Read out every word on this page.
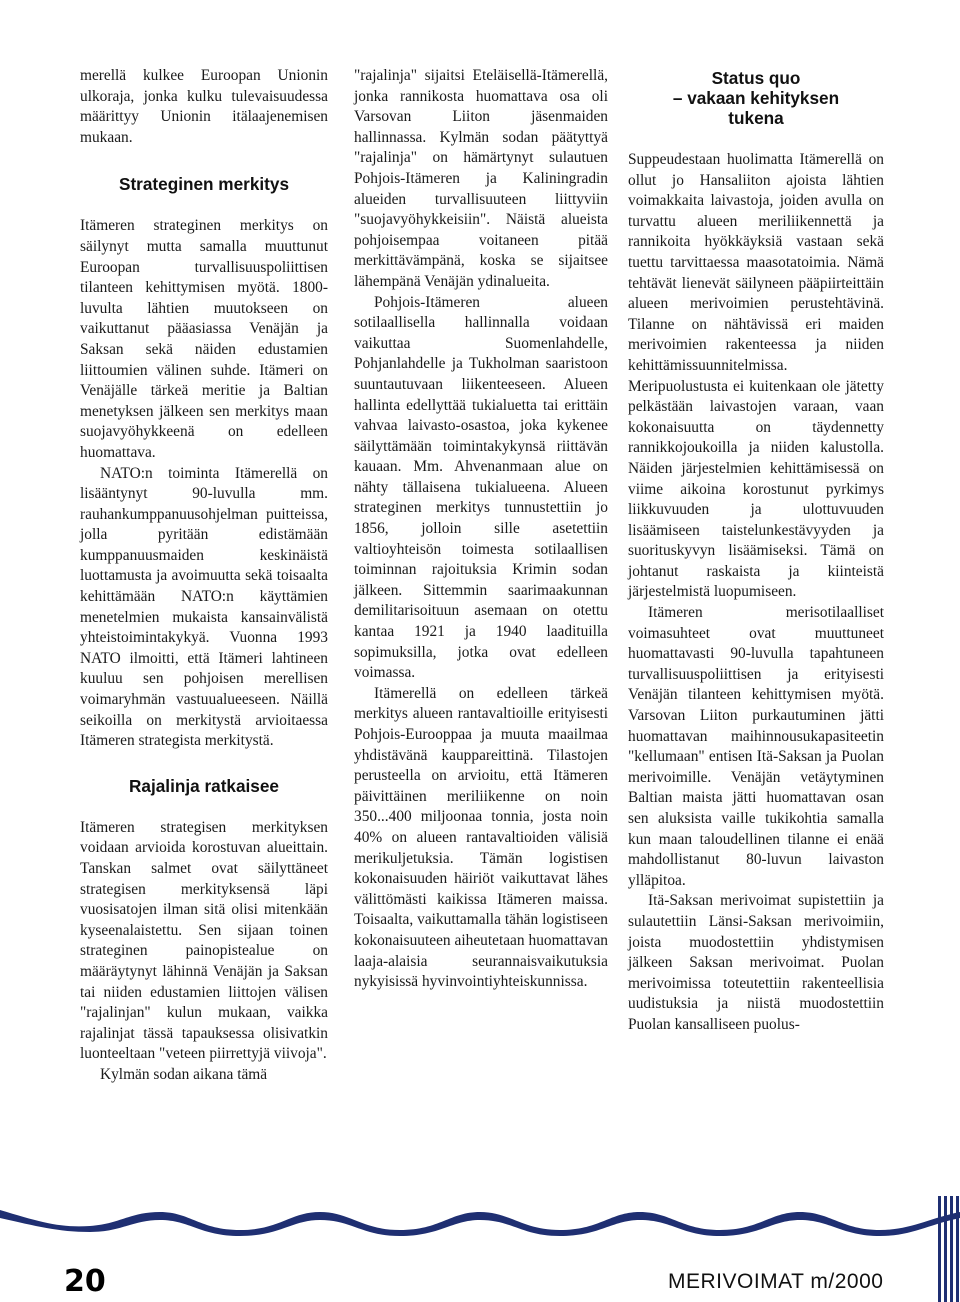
merellä kulkee Euroopan Unionin ulkoraja, jonka kulku tulevaisuudessa määrittyy Unionin itälaajenemisen mukaan.

Strateginen merkitys

Itämeren strateginen merkitys on säilynyt mutta samalla muuttunut Euroopan turvallisuuspoliittisen tilanteen kehittymisen myötä. 1800-luvulta lähtien muutokseen on vaikuttanut pääasiassa Venäjän ja Saksan sekä näiden edustamien liittoumien välinen suhde. Itämeri on Venäjälle tärkeä meritie ja Baltian menetyksen jälkeen sen merkitys maan suojavyöhykkeenä on edelleen huomattava.

NATO:n toiminta Itämerellä on lisääntynyt 90-luvulla mm. rauhankumppanuusohjelman puitteissa, jolla pyritään edistämään kumppanuusmaiden keskinäistä luottamusta ja avoimuutta sekä toisaalta kehittämään NATO:n käyttämien menetelmien mukaista kansainvälistä yhteistoimintakykyä. Vuonna 1993 NATO ilmoitti, että Itämeri lahtineen kuuluu sen pohjoisen merellisen voimaryhmän vastuualueeseen. Näillä seikoilla on merkitystä arvioitaessa Itämeren strategista merkitystä.

Rajalinja ratkaisee

Itämeren strategisen merkityksen voidaan arvioida korostuvan alueittain. Tanskan salmet ovat säilyttäneet strategisen merkityksensä läpi vuosisatojen ilman sitä olisi mitenkään kyseenalaistettu. Sen sijaan toinen strateginen painopistealue on määräytynyt lähinnä Venäjän ja Saksan tai niiden edustamien liittojen välisen "rajalinjan" kulun mukaan, vaikka rajalinjat tässä tapauksessa olisivatkin luonteeltaan "veteen piirrettyjä viivoja".

Kylmän sodan aikana tämä

"rajalinja" sijaitsi Eteläisellä-Itämerellä, jonka rannikosta huomattava osa oli Varsovan Liiton jäsenmaiden hallinnassa. Kylmän sodan päätyttyä "rajalinja" on hämärtynyt sulautuen Pohjois-Itämeren ja Kaliningradin alueiden turvallisuuteen liittyviin "suojavyöhykkeisiin". Näistä alueista pohjoisempaa voitaneen pitää merkittävämpänä, koska se sijaitsee lähempänä Venäjän ydinalueita.

Pohjois-Itämeren alueen sotilaallisella hallinnalla voidaan vaikuttaa Suomenlahdelle, Pohjanlahdelle ja Tukholman saaristoon suuntautuvaan liikenteeseen. Alueen hallinta edellyttää tukialuetta tai erittäin vahvaa laivasto-osastoa, joka kykenee säilyttämään toimintakykynsä riittävän kauaan. Mm. Ahvenanmaan alue on nähty tällaisena tukialueena. Alueen strateginen merkitys tunnustettiin jo 1856, jolloin sille asetettiin valtioyhteisön toimesta sotilaallisen toiminnan rajoituksia Krimin sodan jälkeen. Sittemmin saarimaakunnan demilitarisoituun asemaan on otettu kantaa 1921 ja 1940 laadituilla sopimuksilla, jotka ovat edelleen voimassa.

Itämerellä on edelleen tärkeä merkitys alueen rantavaltioille erityisesti Pohjois-Eurooppaa ja muuta maailmaa yhdistävänä kauppareittinä. Tilastojen perusteella on arvioitu, että Itämeren päivittäinen meriliikenne on noin 350...400 miljoonaa tonnia, josta noin 40% on alueen rantavaltioiden välisiä merikuljetuksia. Tämän logistisen kokonaisuuden häiriöt vaikuttavat lähes välittömästi kaikissa Itämeren maissa. Toisaalta, vaikuttamalla tähän logistiseen kokonaisuuteen aiheutetaan huomattavan laaja-alaisia seurannaisvaikutuksia nykyisissä hyvinvointiyhteiskunnissa.

Status quo
– vakaan kehityksen
tukena

Suppeudestaan huolimatta Itämerellä on ollut jo Hansaliiton ajoista lähtien voimakkaita laivastoja, joiden avulla on turvattu alueen meriliikennettä ja rannikoita hyökkäyksiä vastaan sekä tuettu tarvittaessa maasotatoimia. Nämä tehtävät lienevät säilyneen pääpiirteittäin alueen merivoimien perustehtävinä. Tilanne on nähtävissä eri maiden merivoimien rakenteessa ja niiden kehittämissuunnitelmissa. Meripuolustusta ei kuitenkaan ole jätetty pelkästään laivastojen varaan, vaan kokonaisuutta on täydennetty rannikkojoukoilla ja niiden kalustolla. Näiden järjestelmien kehittämisessä on viime aikoina korostunut pyrkimys liikkuvuuden ja ulottuvuuden lisäämiseen taistelunkestävyyden ja suorituskyvyn lisäämiseksi. Tämä on johtanut raskaista ja kiinteistä järjestelmistä luopumiseen.

Itämeren merisotilaalliset voimasuhteet ovat muuttuneet huomattavasti 90-luvulla tapahtuneen turvallisuuspoliittisen ja erityisesti Venäjän tilanteen kehittymisen myötä. Varsovan Liiton purkautuminen jätti huomattavan maihinnousukapasiteetin "kellumaan" entisen Itä-Saksan ja Puolan merivoimille. Venäjän vetäytyminen Baltian maista jätti huomattavan osan sen aluksista vaille tukikohtia samalla kun maan taloudellinen tilanne ei enää mahdollistanut 80-luvun laivaston ylläpitoa.

Itä-Saksan merivoimat supistettiin ja sulautettiin Länsi-Saksan merivoimiin, joista muodostettiin yhdistymisen jälkeen Saksan merivoimat. Puolan merivoimissa toteutettiin rakenteellisia uudistuksia ja niistä muodostettiin Puolan kansalliseen puolus-

20	MERIVOIMAT m/2000
